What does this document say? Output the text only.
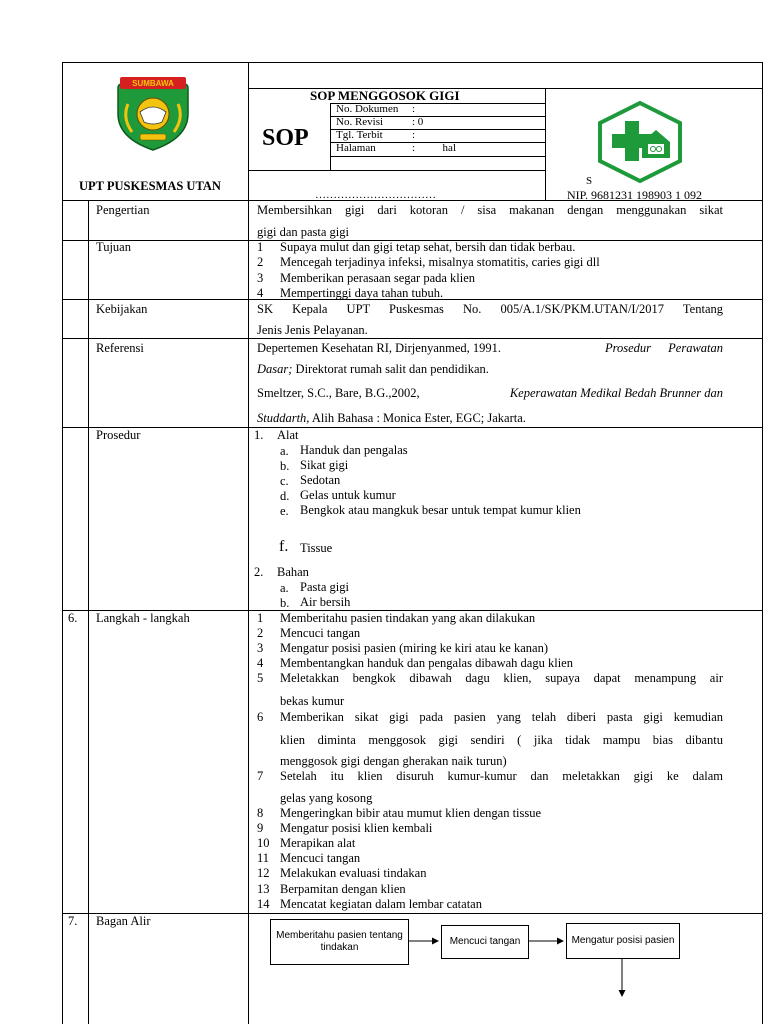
SUMBAWA
SOP MENGGOSOK GIGI
SOP
No. Dokumen :
No. Revisi	: 0
Tgl. Terbit	:
Halaman	:          hal
UPT PUSKESMAS UTAN
……………………………
S
NIP. 9681231 198903 1 092
Pengertian	Membersihkan gigi dari kotoran / sisa makanan dengan menggunakan sikat
gigi dan pasta gigi
Tujuan	1 Supaya mulut dan gigi tetap sehat, bersih dan tidak berbau.
2 Mencegah terjadinya infeksi, misalnya stomatitis, caries gigi dll
3 Memberikan perasaan segar pada klien
4 Mempertinggi daya tahan tubuh.
Kebijakan	SK Kepala UPT Puskesmas No. 005/A.1/SK/PKM.UTAN/I/2017 Tentang
Jenis Jenis Pelayanan.
Referensi	Depertemen Kesehatan RI, Dirjenyanmed, 1991.	Prosedur Perawatan
Dasar; Direktorat rumah salit dan pendidikan.
Smeltzer, S.C., Bare, B.G.,2002,	Keperawatan Medikal Bedah Brunner dan
Studdarth, Alih Bahasa : Monica Ester, EGC; Jakarta.
Prosedur	1. Alat
a. Handuk dan pengalas
b. Sikat gigi
c. Sedotan
d. Gelas untuk kumur
e. Bengkok atau mangkuk besar untuk tempat kumur klien
f. Tissue
2. Bahan
a. Pasta gigi
b. Air bersih
6. Langkah - langkah	1 Memberitahu pasien tindakan yang akan dilakukan
2 Mencuci tangan
3 Mengatur posisi pasien (miring ke kiri atau ke kanan)
4 Membentangkan handuk dan pengalas dibawah dagu klien
5 Meletakkan bengkok dibawah dagu klien, supaya dapat menampung air
bekas kumur
6 Memberikan sikat gigi pada pasien yang telah diberi pasta gigi kemudian
klien diminta menggosok gigi sendiri ( jika tidak mampu bias dibantu
menggosok gigi dengan gherakan naik turun)
7 Setelah itu klien disuruh kumur-kumur dan meletakkan gigi ke dalam
gelas yang kosong
8 Mengeringkan bibir atau mumut klien dengan tissue
9 Mengatur posisi klien kembali
10 Merapikan alat
11 Mencuci tangan
12 Melakukan evaluasi tindakan
13 Berpamitan dengan klien
14 Mencatat kegiatan dalam lembar catatan
7. Bagan Alir
Memberitahu pasien tentang tindakan
Mencuci tangan	Mengatur posisi pasien
